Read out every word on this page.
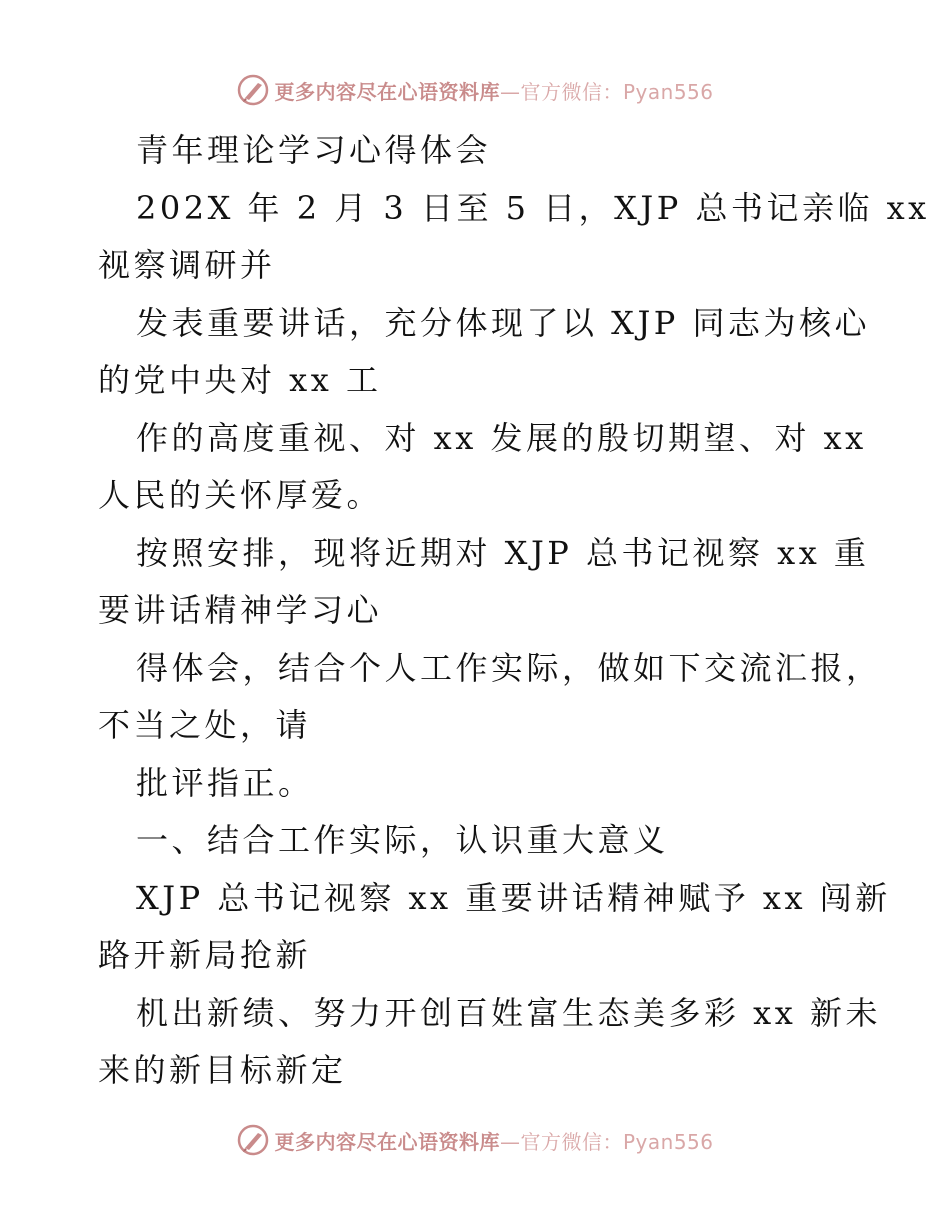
更多内容尽在心语资料库—官方微信：Pyan556
青年理论学习心得体会
202X 年 2 月 3 日至 5 日，XJP 总书记亲临 xx
视察调研并
发表重要讲话，充分体现了以 XJP 同志为核心
的党中央对 xx 工
作的高度重视、对 xx 发展的殷切期望、对 xx
人民的关怀厚爱。
按照安排，现将近期对 XJP 总书记视察 xx 重
要讲话精神学习心
得体会，结合个人工作实际，做如下交流汇报，
不当之处，请
批评指正。
一、结合工作实际，认识重大意义
XJP 总书记视察 xx 重要讲话精神赋予 xx 闯新
路开新局抢新
机出新绩、努力开创百姓富生态美多彩 xx 新未
来的新目标新定
更多内容尽在心语资料库—官方微信：Pyan556
